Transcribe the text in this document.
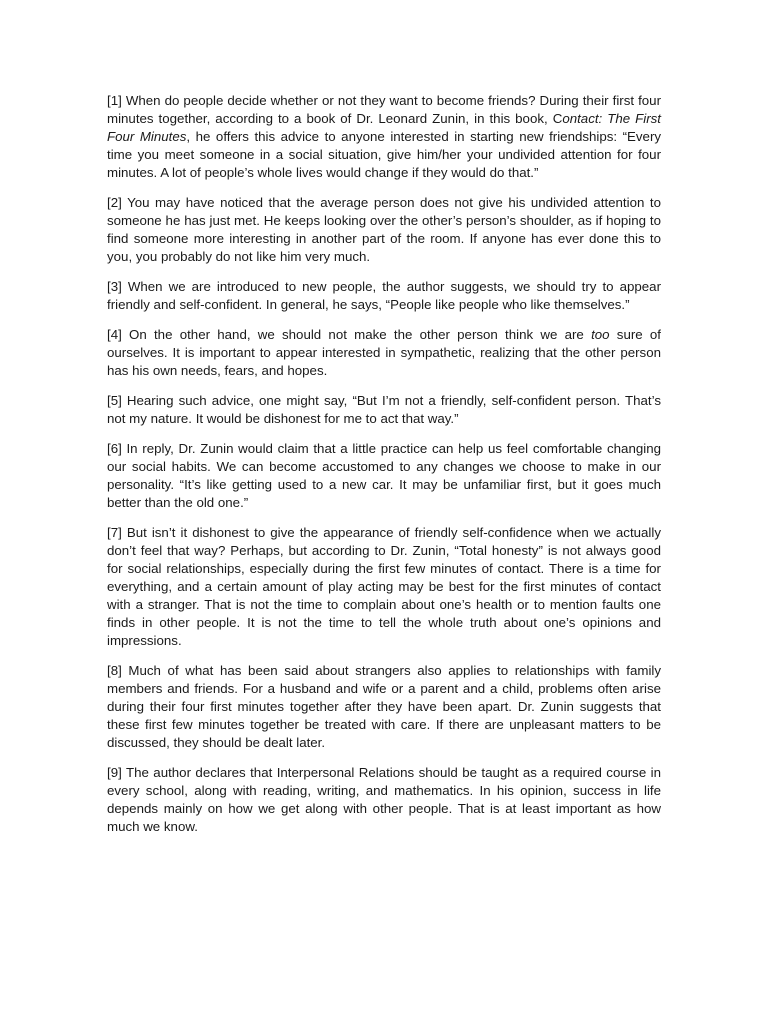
[1] When do people decide whether or not they want to become friends? During their first four minutes together, according to a book of Dr. Leonard Zunin, in this book, Contact: The First Four Minutes, he offers this advice to anyone interested in starting new friendships: “Every time you meet someone in a social situation, give him/her your undivided attention for four minutes. A lot of people’s whole lives would change if they would do that.”

[2] You may have noticed that the average person does not give his undivided attention to someone he has just met. He keeps looking over the other’s person’s shoulder, as if hoping to find someone more interesting in another part of the room. If anyone has ever done this to you, you probably do not like him very much.

[3] When we are introduced to new people, the author suggests, we should try to appear friendly and self-confident. In general, he says, “People like people who like themselves.”

[4] On the other hand, we should not make the other person think we are too sure of ourselves. It is important to appear interested in sympathetic, realizing that the other person has his own needs, fears, and hopes.

[5] Hearing such advice, one might say, “But I’m not a friendly, self-confident person. That’s not my nature. It would be dishonest for me to act that way.”

[6] In reply, Dr. Zunin would claim that a little practice can help us feel comfortable changing our social habits. We can become accustomed to any changes we choose to make in our personality. “It’s like getting used to a new car. It may be unfamiliar first, but it goes much better than the old one.”

[7] But isn’t it dishonest to give the appearance of friendly self-confidence when we actually don’t feel that way? Perhaps, but according to Dr. Zunin, “Total honesty” is not always good for social relationships, especially during the first few minutes of contact. There is a time for everything, and a certain amount of play acting may be best for the first minutes of contact with a stranger. That is not the time to complain about one’s health or to mention faults one finds in other people. It is not the time to tell the whole truth about one’s opinions and impressions.

[8] Much of what has been said about strangers also applies to relationships with family members and friends. For a husband and wife or a parent and a child, problems often arise during their four first minutes together after they have been apart. Dr. Zunin suggests that these first few minutes together be treated with care. If there are unpleasant matters to be discussed, they should be dealt later.

[9] The author declares that Interpersonal Relations should be taught as a required course in every school, along with reading, writing, and mathematics. In his opinion, success in life depends mainly on how we get along with other people. That is at least important as how much we know.
